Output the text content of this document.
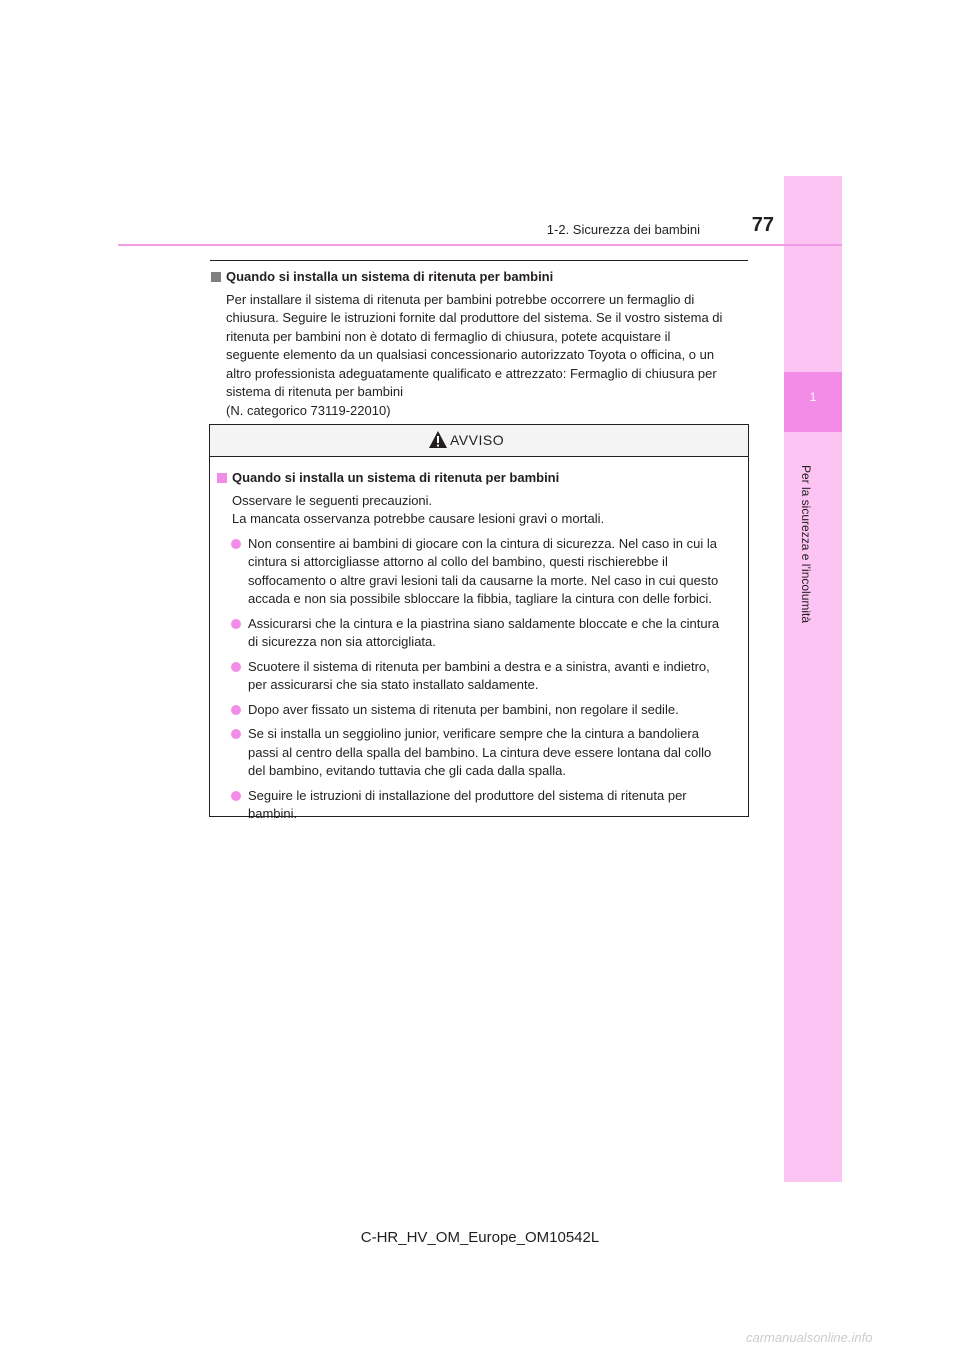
1
Per la sicurezza e l’incolumità
1-2. Sicurezza dei bambini	77
Quando si installa un sistema di ritenuta per bambini
Per installare il sistema di ritenuta per bambini potrebbe occorrere un fermaglio di
chiusura. Seguire le istruzioni fornite dal produttore del sistema. Se il vostro sistema di
ritenuta per bambini non è dotato di fermaglio di chiusura, potete acquistare il
seguente elemento da un qualsiasi concessionario autorizzato Toyota o officina, o un
altro professionista adeguatamente qualificato e attrezzato: Fermaglio di chiusura per
sistema di ritenuta per bambini
(N. categorico 73119-22010)
AVVISO
Quando si installa un sistema di ritenuta per bambini
Osservare le seguenti precauzioni.
La mancata osservanza potrebbe causare lesioni gravi o mortali.
Non consentire ai bambini di giocare con la cintura di sicurezza. Nel caso in cui la
cintura si attorcigliasse attorno al collo del bambino, questi rischierebbe il
soffocamento o altre gravi lesioni tali da causarne la morte. Nel caso in cui questo
accada e non sia possibile sbloccare la fibbia, tagliare la cintura con delle forbici.
Assicurarsi che la cintura e la piastrina siano saldamente bloccate e che la cintura
di sicurezza non sia attorcigliata.
Scuotere il sistema di ritenuta per bambini a destra e a sinistra, avanti e indietro,
per assicurarsi che sia stato installato saldamente.
Dopo aver fissato un sistema di ritenuta per bambini, non regolare il sedile.
Se si installa un seggiolino junior, verificare sempre che la cintura a bandoliera
passi al centro della spalla del bambino. La cintura deve essere lontana dal collo
del bambino, evitando tuttavia che gli cada dalla spalla.
Seguire le istruzioni di installazione del produttore del sistema di ritenuta per
bambini.
C-HR_HV_OM_Europe_OM10542L
carmanualsonline.info
